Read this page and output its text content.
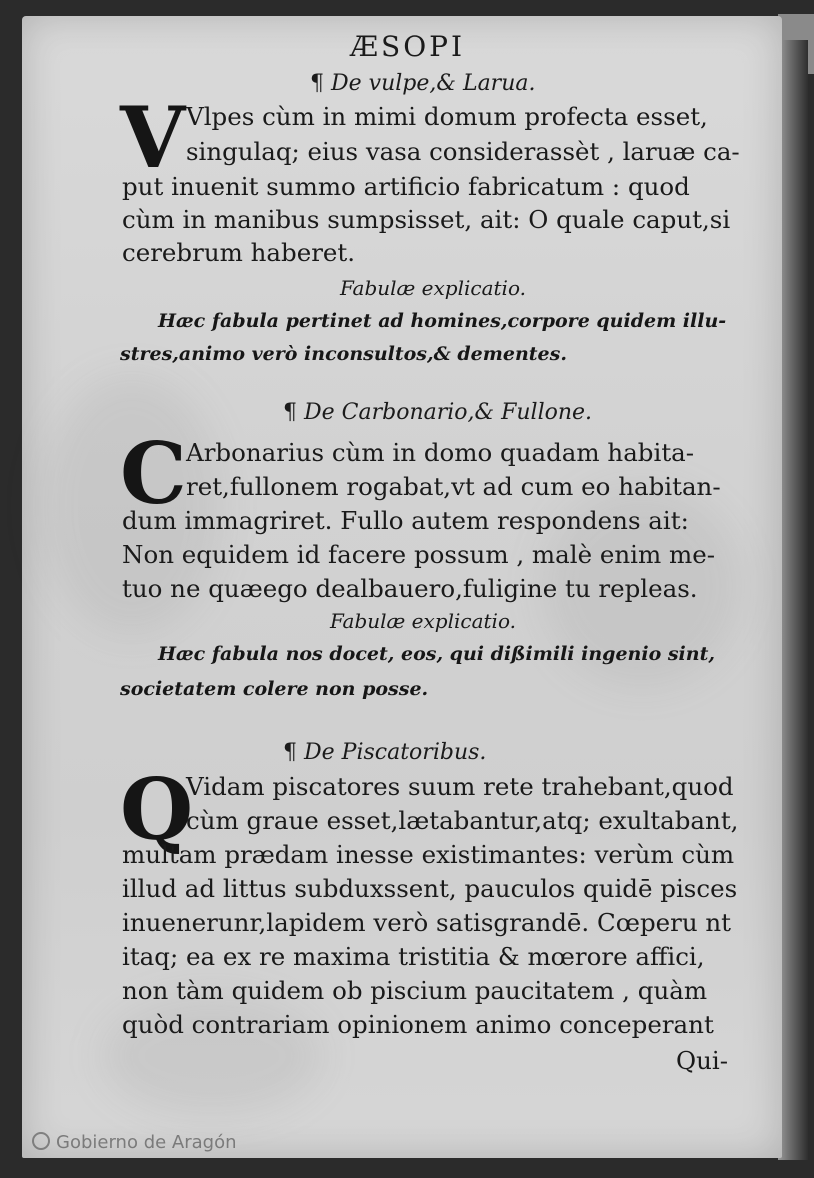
ÆSOPI
¶ De vulpe,& Larua.
V Vlpes cùm in mimi domum profecta esset,
singulaq; eius vasa considerassèt , laruæ ca-
put inuenit summo artificio fabricatum : quod
cùm in manibus sumpsisset, ait: O quale caput,si
cerebrum haberet.
Fabulæ explicatio.
Hæc fabula pertinet ad homines,corpore quidem illu-
stres,animo verò inconsultos,& dementes.
¶ De Carbonario,& Fullone.
C Arbonarius cùm in domo quadam habita-
ret,fullonem rogabat,vt ad cum eo habitan-
dum immagriret. Fullo autem respondens ait:
Non equidem id facere possum , malè enim me-
tuo ne quæego dealbauero,fuligine tu repleas.
Fabulæ explicatio.
Hæc fabula nos docet, eos, qui dißimili ingenio sint,
societatem colere non posse.
¶ De Piscatoribus.
Q
Vidam piscatores suum rete trahebant,quod
cùm graue esset,lætabantur,atq; exultabant,
multam prædam inesse existimantes: verùm cùm
illud ad littus subduxssent, pauculos quidē pisces
inuenerunr,lapidem verò satisgrandē. Cœperu nt
itaq; ea ex re maxima tristitia & mœrore affici,
non tàm quidem ob piscium paucitatem , quàm
quòd contrariam opinionem animo conceperant
Qui-
Gobierno de Aragón
